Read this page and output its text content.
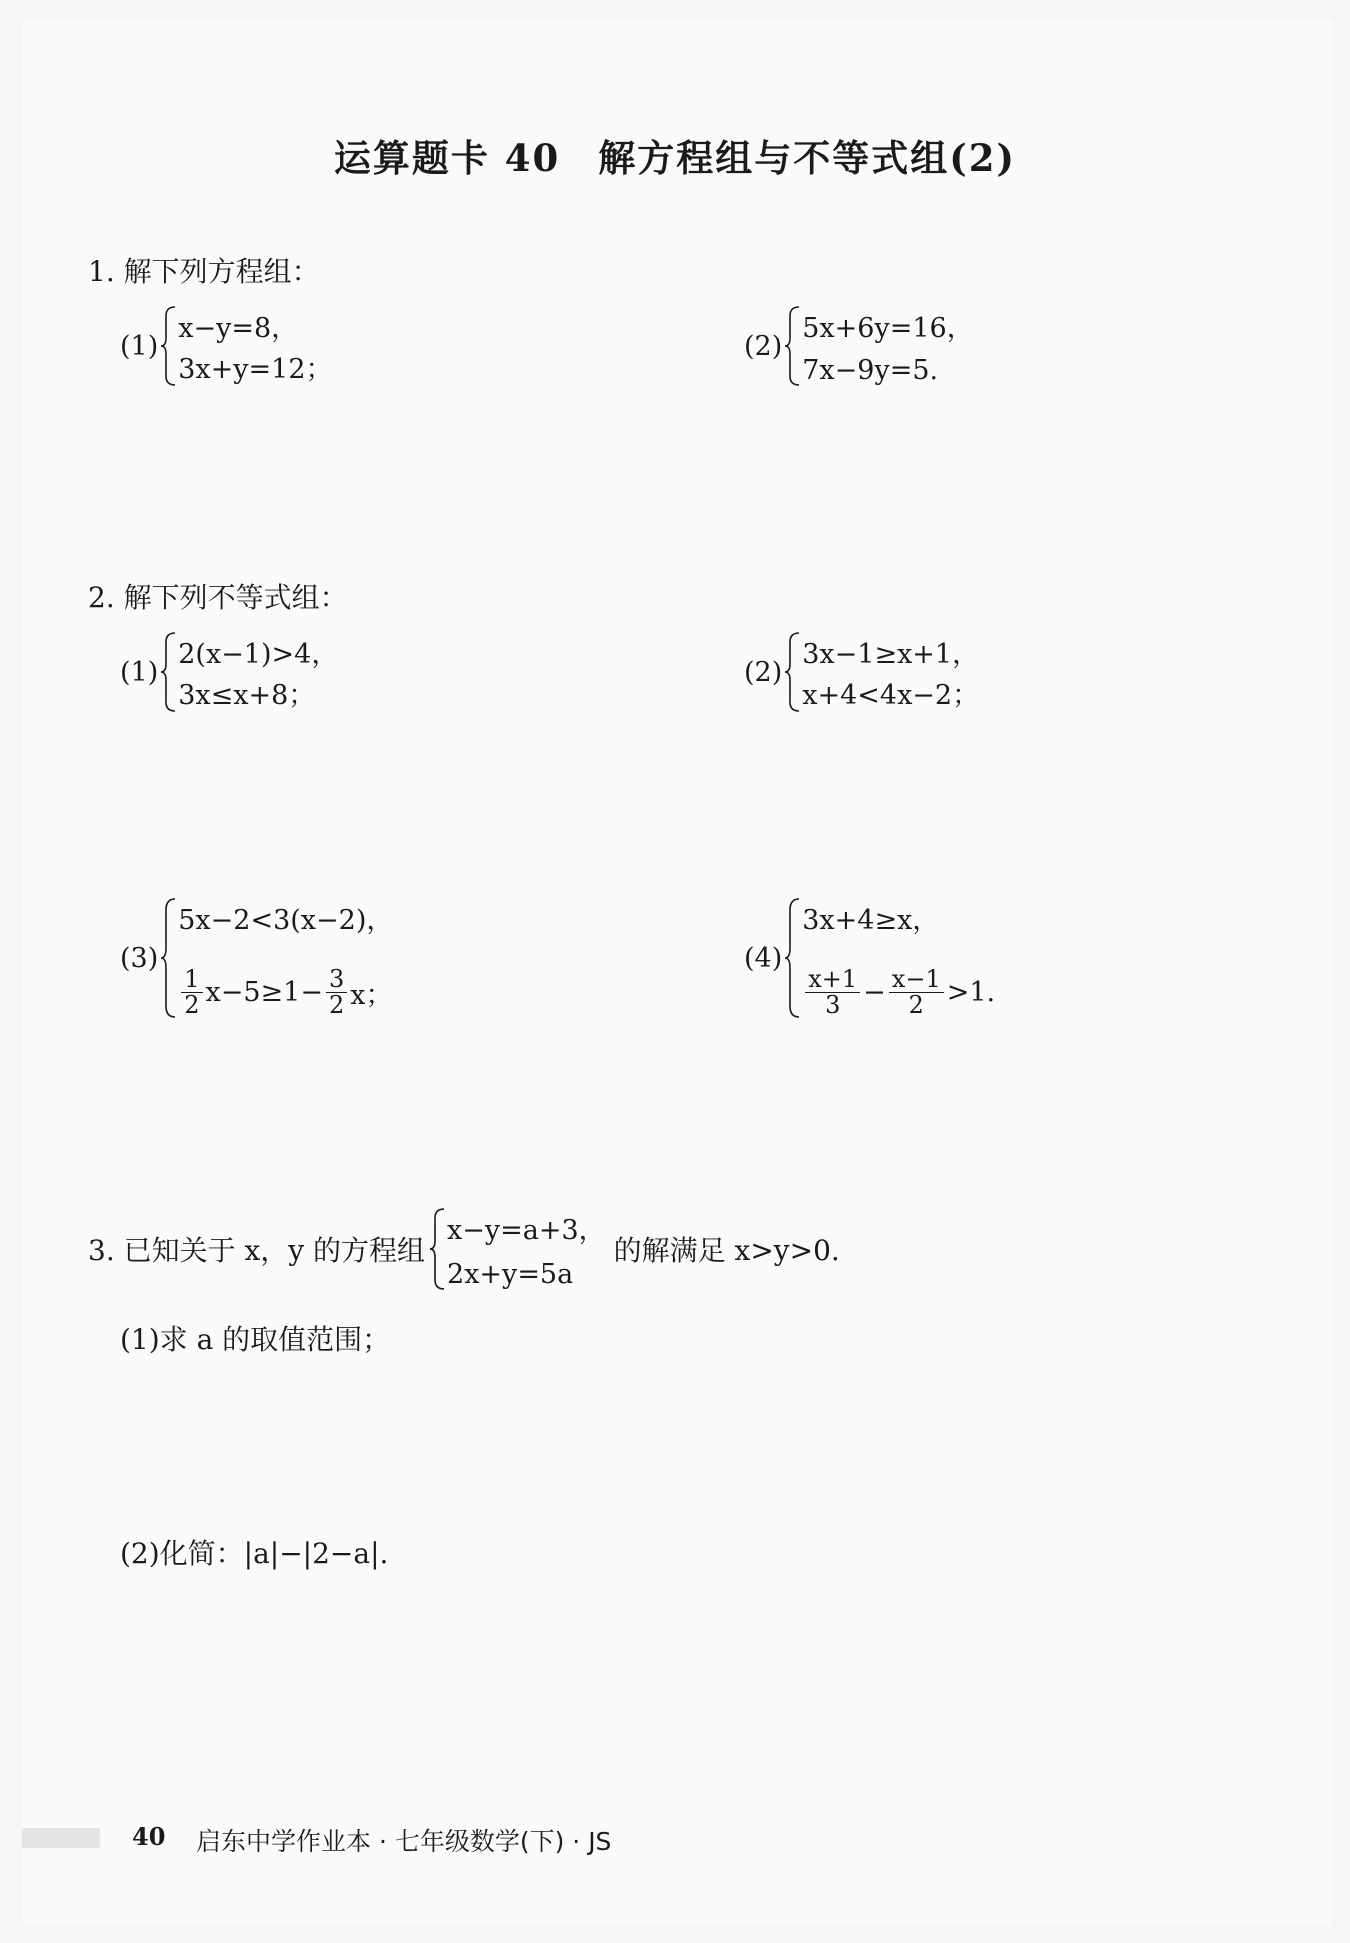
运算题卡 40 解方程组与不等式组(2)
1. 解下列方程组：
(1)
x−y=8，
3x+y=12；
(2)
5x+6y=16，
7x−9y=5.
2. 解下列不等式组：
(1)
2(x−1)>4，
3x≤x+8；
(2)
3x−1≥x+1，
x+4<4x−2；
(3)
5x−2<3(x−2)，
$\frac{1}{2} x-5\ge 1- \frac{3}{2}$ x；
(4)
3x+4≥x，
$\frac{x+1}{3} - \frac{x-1}{2} >1$.
3. 已知关于 x，y 的方程组
x−y=a+3，
2x+y=5a
的解满足 x>y>0.
(1)求 a 的取值范围；
(2)化简：|a|−|2−a|.
40 启东中学作业本 · 七年级数学(下) · JS
